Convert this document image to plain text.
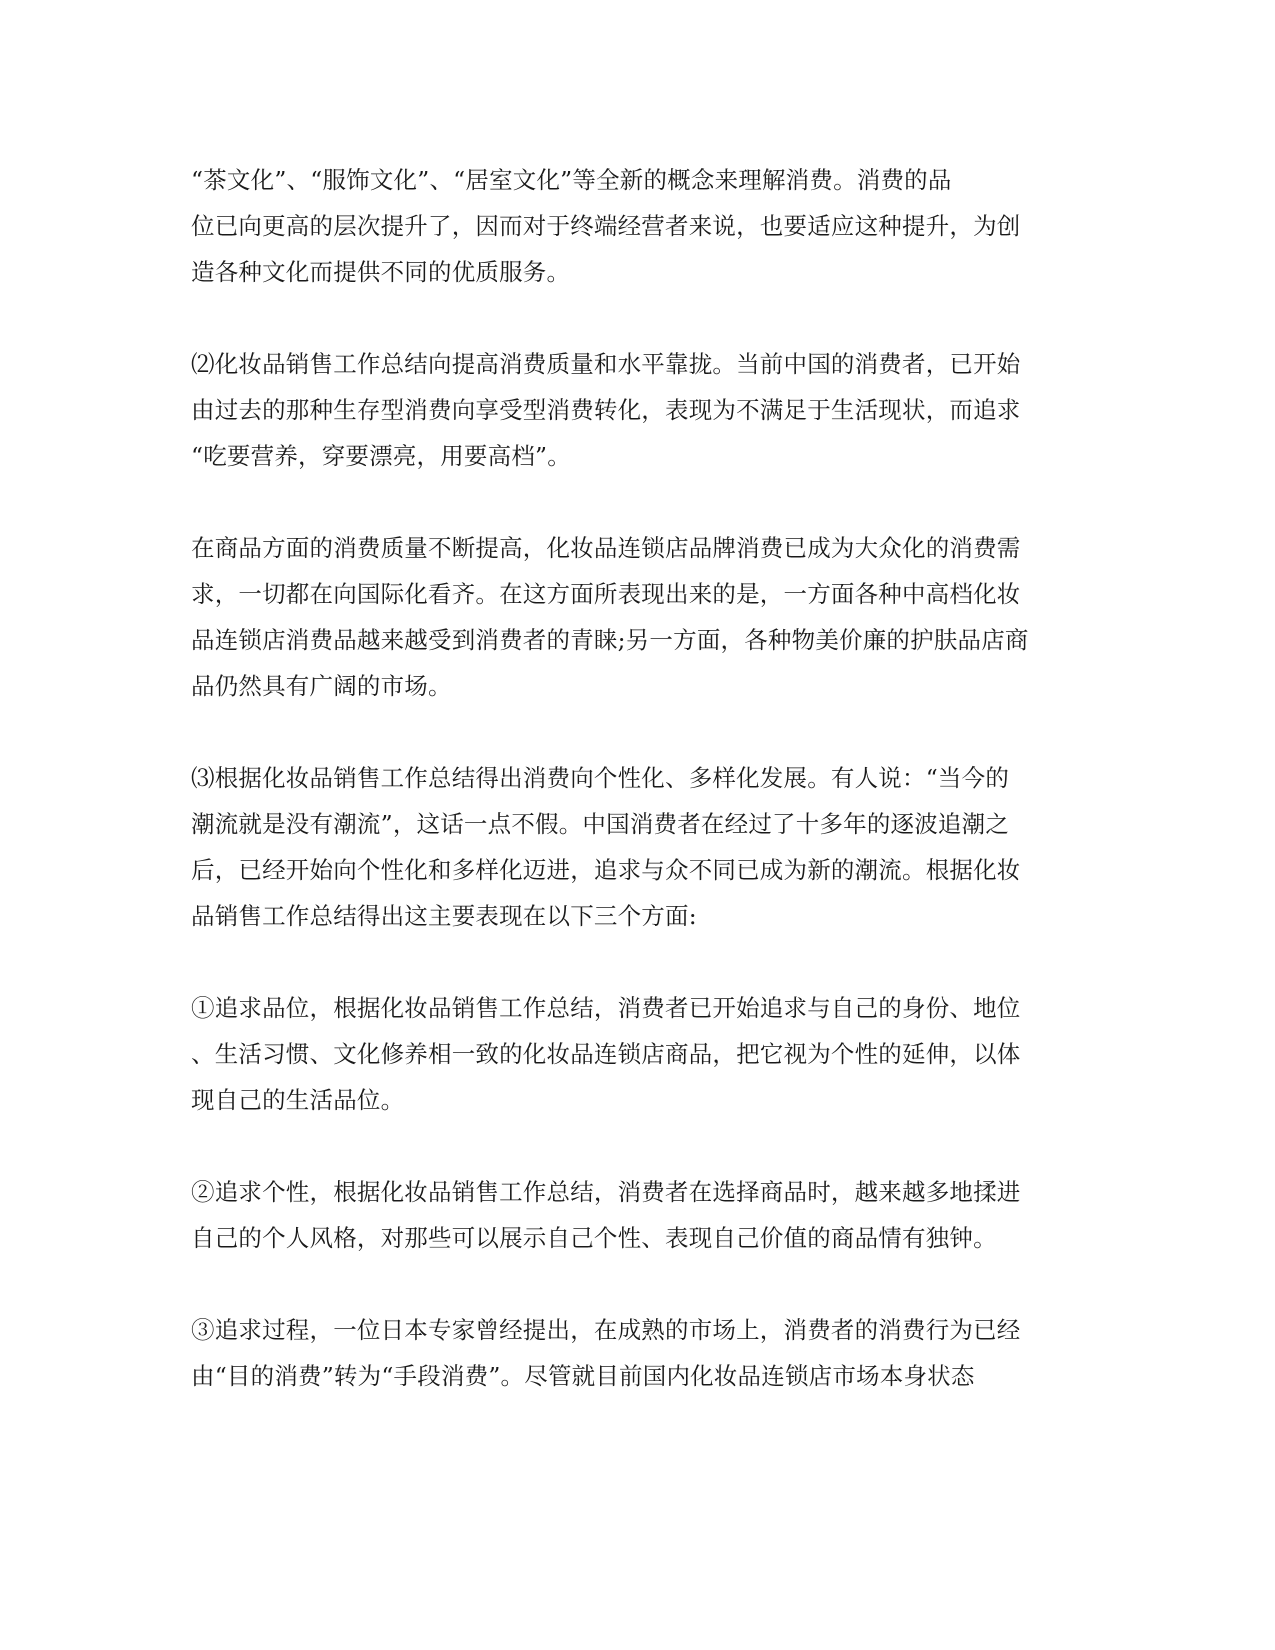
“茶文化”、“服饰文化”、“居室文化”等全新的概念来理解消费。消费的品
位已向更高的层次提升了，因而对于终端经营者来说，也要适应这种提升，为创
造各种文化而提供不同的优质服务。

⑵化妆品销售工作总结向提高消费质量和水平靠拢。当前中国的消费者，已开始
由过去的那种生存型消费向享受型消费转化，表现为不满足于生活现状，而追求
“吃要营养，穿要漂亮，用要高档”。

在商品方面的消费质量不断提高，化妆品连锁店品牌消费已成为大众化的消费需
求，一切都在向国际化看齐。在这方面所表现出来的是，一方面各种中高档化妆
品连锁店消费品越来越受到消费者的青睐;另一方面，各种物美价廉的护肤品店商
品仍然具有广阔的市场。

⑶根据化妆品销售工作总结得出消费向个性化、多样化发展。有人说：“当今的
潮流就是没有潮流”，这话一点不假。中国消费者在经过了十多年的逐波追潮之
后，已经开始向个性化和多样化迈进，追求与众不同已成为新的潮流。根据化妆
品销售工作总结得出这主要表现在以下三个方面:

①追求品位，根据化妆品销售工作总结，消费者已开始追求与自己的身份、地位
、生活习惯、文化修养相一致的化妆品连锁店商品，把它视为个性的延伸，以体
现自己的生活品位。

②追求个性，根据化妆品销售工作总结，消费者在选择商品时，越来越多地揉进
自己的个人风格，对那些可以展示自己个性、表现自己价值的商品情有独钟。

③追求过程，一位日本专家曾经提出，在成熟的市场上，消费者的消费行为已经
由“目的消费”转为“手段消费”。尽管就目前国内化妆品连锁店市场本身状态
